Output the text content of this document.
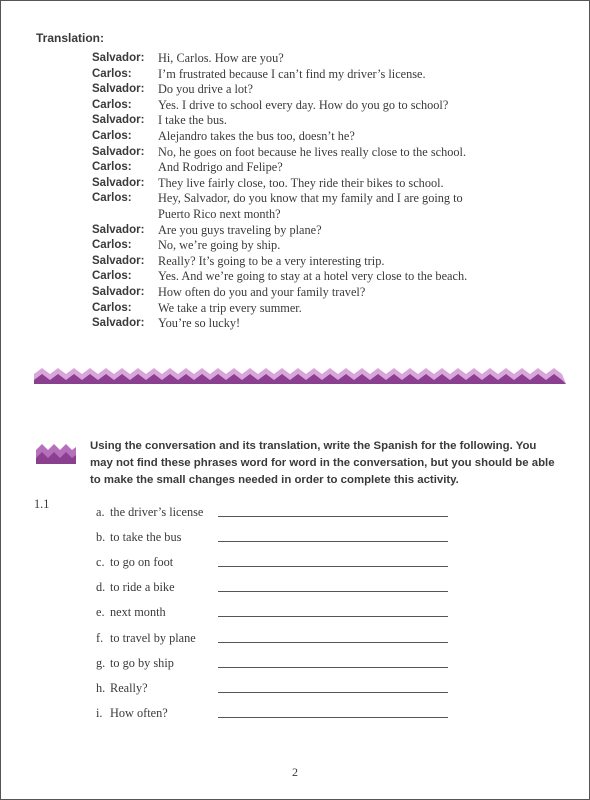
Translation:
Salvador:	Hi, Carlos. How are you?
Carlos:	I’m frustrated because I can’t find my driver’s license.
Salvador:	Do you drive a lot?
Carlos:	Yes. I drive to school every day. How do you go to school?
Salvador:	I take the bus.
Carlos:	Alejandro takes the bus too, doesn’t he?
Salvador:	No, he goes on foot because he lives really close to the school.
Carlos:	And Rodrigo and Felipe?
Salvador:	They live fairly close, too. They ride their bikes to school.
Carlos:	Hey, Salvador, do you know that my family and I are going to
Puerto Rico next month?
Salvador:	Are you guys traveling by plane?
Carlos:	No, we’re going by ship.
Salvador:	Really? It’s going to be a very interesting trip.
Carlos:	Yes. And we’re going to stay at a hotel very close to the beach.
Salvador:	How often do you and your family travel?
Carlos:	We take a trip every summer.
Salvador:	You’re so lucky!
Using the conversation and its translation, write the Spanish for the following. You may not find these phrases word for word in the conversation, but you should be able to make the small changes needed in order to complete this activity.
1.1
a. the driver’s license
b. to take the bus
c. to go on foot
d. to ride a bike
e. next month
f. to travel by plane
g. to go by ship
h. Really?
i. How often?
2
